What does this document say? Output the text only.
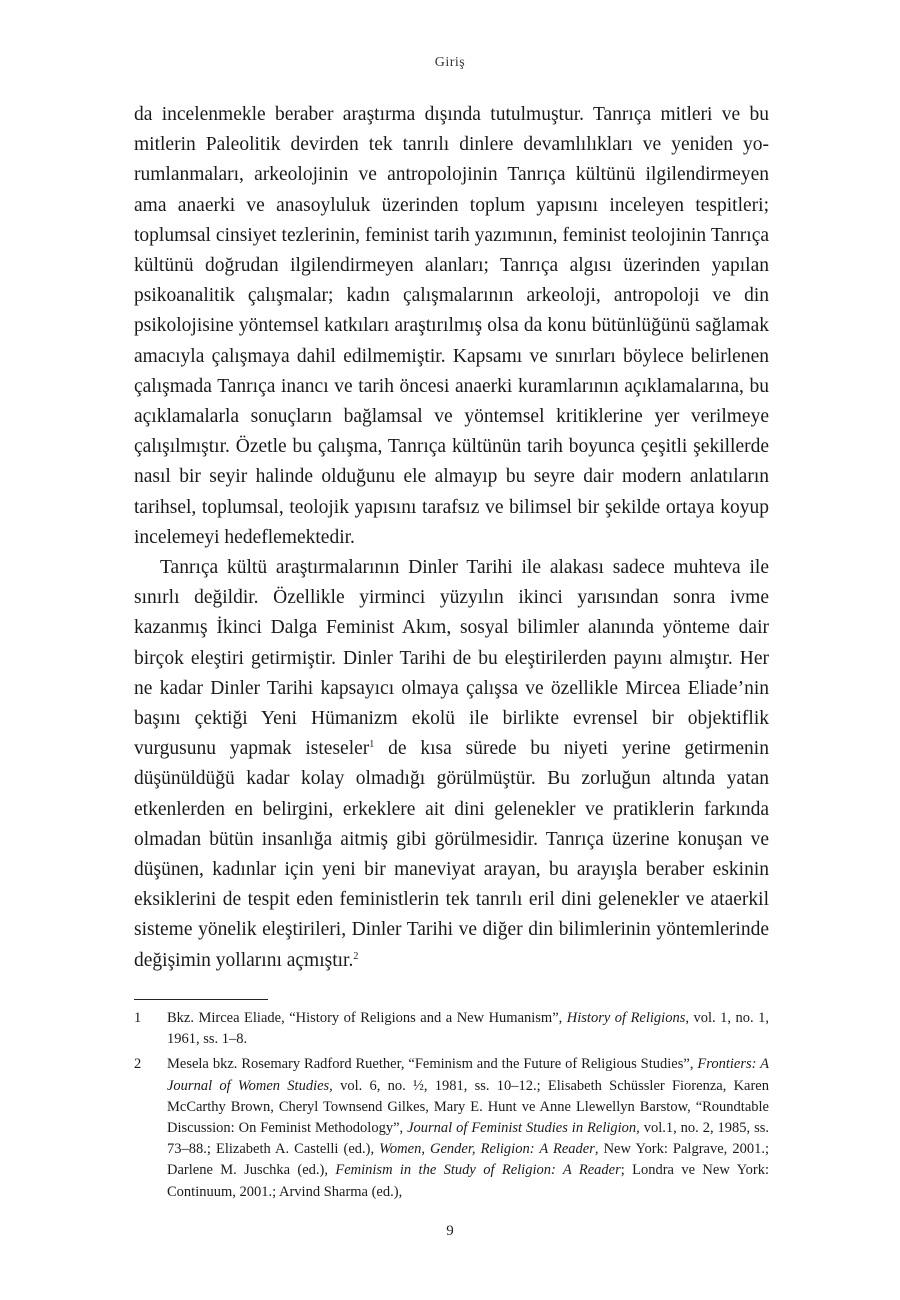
Giriş

da incelenmekle beraber araştırma dışında tutulmuştur. Tanrıça mitleri ve bu mitlerin Paleolitik devirden tek tanrılı dinlere devamlılıkları ve yeniden yorumlanmaları, arkeolojinin ve antropolojinin Tanrıça kültünü ilgilendirmeyen ama anaerki ve anasoyluluk üzerinden toplum yapısını inceleyen tespitleri; toplumsal cinsiyet tezlerinin, feminist tarih yazımının, feminist teolojinin Tanrıça kültünü doğrudan ilgilendirmeyen alanları; Tanrıça algısı üzerinden yapılan psikoanalitik çalışmalar; kadın çalışmalarının arkeoloji, antropoloji ve din psikolojisine yöntemsel katkıları araştırılmış olsa da konu bütünlüğünü sağlamak amacıyla çalışmaya dahil edilmemiştir. Kapsamı ve sınırları böylece belirlenen çalışmada Tanrıça inancı ve tarih öncesi anaerki kuramlarının açıklamalarına, bu açıklamalarla sonuçların bağlamsal ve yöntemsel kritiklerine yer verilmeye çalışılmıştır. Özetle bu çalışma, Tanrıça kültünün tarih boyunca çeşitli şekillerde nasıl bir seyir halinde olduğunu ele almayıp bu seyre dair modern anlatıların tarihsel, toplumsal, teolojik yapısını tarafsız ve bilimsel bir şekilde ortaya koyup incelemeyi hedeflemektedir.

Tanrıça kültü araştırmalarının Dinler Tarihi ile alakası sadece muhteva ile sınırlı değildir. Özellikle yirminci yüzyılın ikinci yarısından sonra ivme kazanmış İkinci Dalga Feminist Akım, sosyal bilimler alanında yönteme dair birçok eleştiri getirmiştir. Dinler Tarihi de bu eleştirilerden payını almıştır. Her ne kadar Dinler Tarihi kapsayıcı olmaya çalışsa ve özellikle Mircea Eliade’nin başını çektiği Yeni Hümanizm ekolü ile birlikte evrensel bir objektiflik vurgusunu yapmak isteseler$^1$ de kısa sürede bu niyeti yerine getirmenin düşünüldüğü kadar kolay olmadığı görülmüştür. Bu zorluğun altında yatan etkenlerden en belirgini, erkeklere ait dini gelenekler ve pratiklerin farkında olmadan bütün insanlığa aitmiş gibi görülmesidir. Tanrıça üzerine konuşan ve düşünen, kadınlar için yeni bir maneviyat arayan, bu arayışla beraber eskinin eksiklerini de tespit eden feministlerin tek tanrılı eril dini gelenekler ve ataerkil sisteme yönelik eleştirileri, Dinler Tarihi ve diğer din bilimlerinin yöntemlerinde değişimin yollarını açmıştır.$^2$

1	Bkz. Mircea Eliade, “History of Religions and a New Humanism”, History of Religions, vol. 1, no. 1, 1961, ss. 1–8.
2	Mesela bkz. Rosemary Radford Ruether, “Feminism and the Future of Religious Studies”, Frontiers: A Journal of Women Studies, vol. 6, no. ½, 1981, ss. 10–12.; Elisabeth Schüssler Fiorenza, Karen McCarthy Brown, Cheryl Townsend Gilkes, Mary E. Hunt ve Anne Llewellyn Barstow, “Roundtable Discussion: On Feminist Methodology”, Journal of Feminist Studies in Religion, vol.1, no. 2, 1985, ss. 73–88.; Elizabeth A. Castelli (ed.), Women, Gender, Religion: A Reader, New York: Palgrave, 2001.; Darlene M. Juschka (ed.), Feminism in the Study of Religion: A Reader; Londra ve New York: Continuum, 2001.; Arvind Sharma (ed.),
9
